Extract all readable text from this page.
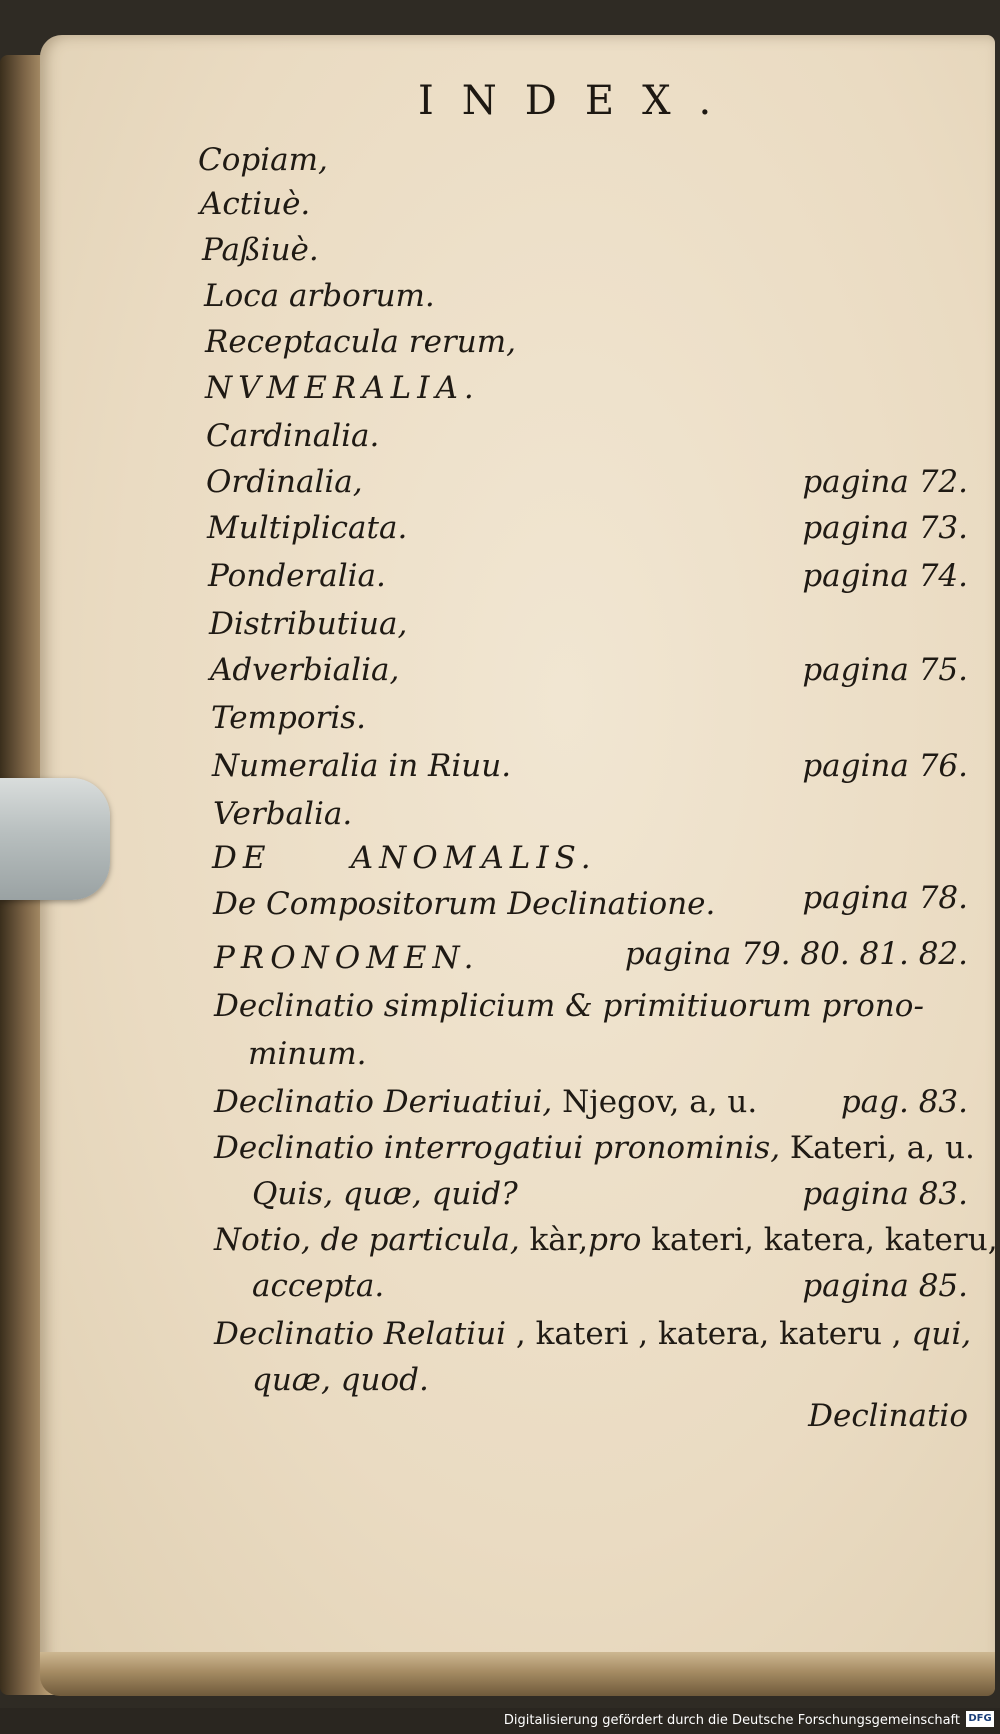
INDEX.
Copiam,
Actiuè.
Paßiuè.
Loca arborum.
Receptacula rerum,
NVMERALIA.
Cardinalia.
Ordinalia,
Multiplicata.
Ponderalia.
Distributiua,
Adverbialia,
Temporis.
Numeralia in Riuu.
Verbalia.
DE     ANOMALIS.
De Compositorum Declinatione.
PRONOMEN.
Declinatio simplicium & primitiuorum prono-
minum.
Declinatio Deriuatiui, Njegov, a, u.
Declinatio interrogatiui pronominis, Kateri, a, u.
Quis, quæ, quid?
Notio, de particula, kàr,pro kateri, katera, kateru,
accepta.
Declinatio Relatiui , kateri , katera, kateru , qui,
quæ, quod.
pagina 72.
pagina 73.
pagina 74.
pagina 75.
pagina 76.
pagina 78.
pagina 79. 80. 81. 82.
pag. 83.
pagina 83.
pagina 85.
Declinatio
Digitalisierung gefördert durch die Deutsche Forschungsgemeinschaft DFG
